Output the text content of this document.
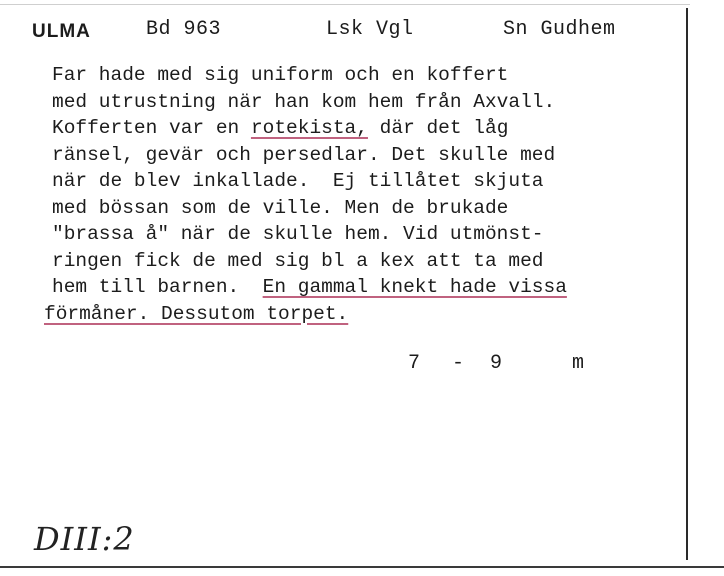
ULMA	Bd 963	Lsk Vgl	Sn Gudhem
Far hade med sig uniform och en koffert
med utrustning när han kom hem från Axvall.
Kofferten var en rotekista, där det låg
ränsel, gevär och persedlar. Det skulle med
när de blev inkallade.  Ej tillåtet skjuta
med bössan som de ville. Men de brukade
"brassa å" när de skulle hem. Vid utmönst-
ringen fick de med sig bl a kex att ta med
hem till barnen.  En gammal knekt hade vissa
förmåner. Dessutom torpet.
7 - 9	m
DIII:2
